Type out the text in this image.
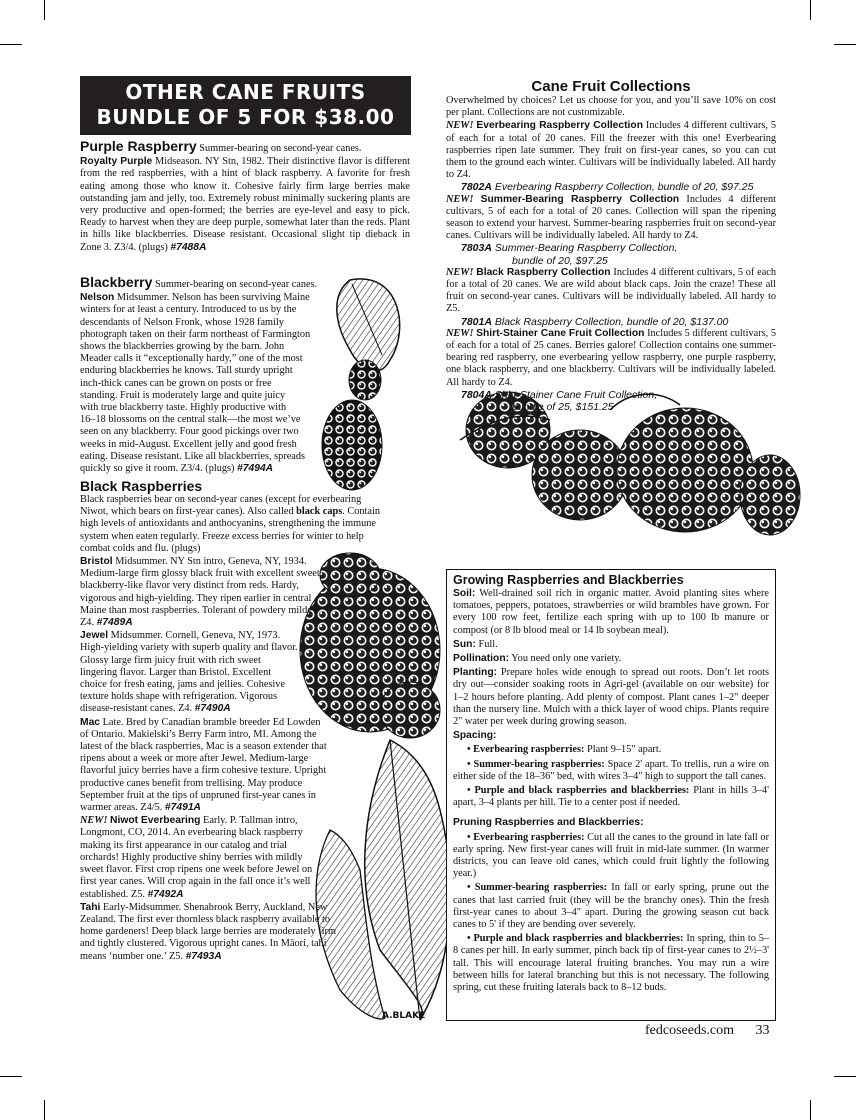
A.BLAKE
OTHER CANE FRUITS
BUNDLE OF 5 FOR $38.00
Purple Raspberry Summer-bearing on second-year canes.
Royalty Purple Midseason. NY Stn, 1982. Their distinctive flavor is different from the red raspberries, with a hint of black raspberry. A favorite for fresh eating among those who know it. Cohesive fairly firm large berries make outstanding jam and jelly, too. Extremely robust minimally suckering plants are very productive and open-formed; the berries are eye-level and easy to pick. Ready to harvest when they are deep purple, somewhat later than the reds. Plant in hills like blackberries. Disease resistant. Occasional slight tip dieback in Zone 3. Z3/4. (plugs) #7488A
Blackberry Summer-bearing on second-year canes.
Nelson Midsummer. Nelson has been surviving Maine
winters for at least a century. Introduced to us by the
descendants of Nelson Fronk, whose 1928 family
photograph taken on their farm northeast of Farmington
shows the blackberries growing by the barn. John
Meader calls it “exceptionally hardy,” one of the most
enduring blackberries he knows. Tall sturdy upright
inch-thick canes can be grown on posts or free
standing. Fruit is moderately large and quite juicy
with true blackberry taste. Highly productive with
16–18 blossoms on the central stalk—the most we’ve
seen on any blackberry. Four good pickings over two
weeks in mid-August. Excellent jelly and good fresh
eating. Disease resistant. Like all blackberries, spreads
quickly so give it room. Z3/4. (plugs) #7494A
Black Raspberries
Black raspberries bear on second-year canes (except for everbearing Niwot, which bears on first-year canes). Also called black caps. Contain high levels of antioxidants and anthocyanins, strengthening the immune system when eaten regularly. Freeze excess berries for winter to help combat colds and flu. (plugs)
Bristol Midsummer. NY Stn intro, Geneva, NY, 1934. Medium-large firm glossy black fruit with excellent sweet blackberry-like flavor very distinct from reds. Hardy, vigorous and high-yielding. They ripen earlier in central Maine than most raspberries. Tolerant of powdery mildew. Z4. #7489A
Jewel Midsummer. Cornell, Geneva, NY, 1973. High-yielding variety with superb quality and flavor. Glossy large firm juicy fruit with rich sweet lingering flavor. Larger than Bristol. Excellent choice for fresh eating, jams and jellies. Cohesive texture holds shape with refrigeration. Vigorous disease-resistant canes. Z4. #7490A
Mac Late. Bred by Canadian bramble breeder Ed Lowden of Ontario. Makielski’s Berry Farm intro, MI. Among the latest of the black raspberries, Mac is a season extender that ripens about a week or more after Jewel. Medium-large flavorful juicy berries have a firm cohesive texture. Upright productive canes benefit from trellising. May produce September fruit at the tips of unpruned first-year canes in warmer areas. Z4/5. #7491A
NEW! Niwot Everbearing Early. P. Tallman intro, Longmont, CO, 2014. An everbearing black raspberry making its first appearance in our catalog and trial orchards! Highly productive shiny berries with mildly sweet flavor. First crop ripens one week before Jewel on first year canes. Will crop again in the fall once it’s well established. Z5. #7492A
Tahi Early-Midsummer. Shenabrook Berry, Auckland, New Zealand. The first ever thornless black raspberry available to home gardeners! Deep black large berries are moderately firm and tightly clustered. Vigorous upright canes. In Māori, tahi means ‘number one.’ Z5. #7493A
Cane Fruit Collections
Overwhelmed by choices? Let us choose for you, and you’ll save 10% on cost per plant. Collections are not customizable.
NEW! Everbearing Raspberry Collection Includes 4 different cultivars, 5 of each for a total of 20 canes. Fill the freezer with this one! Everbearing raspberries ripen late summer. They fruit on first-year canes, so you can cut them to the ground each winter. Cultivars will be individually labeled. All hardy to Z4.
7802A Everbearing Raspberry Collection, bundle of 20, $97.25
NEW! Summer-Bearing Raspberry Collection Includes 4 different cultivars, 5 of each for a total of 20 canes. Collection will span the ripening season to extend your harvest. Summer-bearing raspberries fruit on second-year canes. Cultivars will be individually labeled. All hardy to Z4.
7803A Summer-Bearing Raspberry Collection,
bundle of 20, $97.25
NEW! Black Raspberry Collection Includes 4 different cultivars, 5 of each for a total of 20 canes. We are wild about black caps. Join the craze! These all fruit on second-year canes. Cultivars will be individually labeled. All hardy to Z5.
7801A Black Raspberry Collection, bundle of 20, $137.00
NEW! Shirt-Stainer Cane Fruit Collection Includes 5 different cultivars, 5 of each for a total of 25 canes. Berries galore! Collection contains one summer-bearing red raspberry, one everbearing yellow raspberry, one purple raspberry, one black raspberry, and one blackberry. Cultivars will be individually labeled. All hardy to Z4.
7804A Shirt-Stainer Cane Fruit Collection,
bundle of 25, $151.25
Growing Raspberries and Blackberries

Soil: Well-drained soil rich in organic matter. Avoid planting sites where tomatoes, peppers, potatoes, strawberries or wild brambles have grown. For every 100 row feet, fertilize each spring with up to 100 lb manure or compost (or 8 lb blood meal or 14 lb soybean meal).

Sun: Full.

Pollination: You need only one variety.

Planting: Prepare holes wide enough to spread out roots. Don’t let roots dry out—consider soaking roots in Agri-gel (available on our website) for 1–2 hours before planting. Add plenty of compost. Plant canes 1–2" deeper than the nursery line. Mulch with a thick layer of wood chips. Plants require 2" water per week during growing season.

Spacing:

• Everbearing raspberries: Plant 9–15" apart.

• Summer-bearing raspberries: Space 2' apart. To trellis, run a wire on either side of the 18–36" bed, with wires 3–4" high to support the tall canes.

• Purple and black raspberries and blackberries: Plant in hills 3–4' apart, 3–4 plants per hill. Tie to a center post if needed.

Pruning Raspberries and Blackberries:

• Everbearing raspberries: Cut all the canes to the ground in late fall or early spring. New first-year canes will fruit in mid-late summer. (In warmer districts, you can leave old canes, which could fruit lightly the following year.)

• Summer-bearing raspberries: In fall or early spring, prune out the canes that last carried fruit (they will be the branchy ones). Thin the fresh first-year canes to about 3–4" apart. During the growing season cut back canes to 5' if they are bending over severely.

• Purple and black raspberries and blackberries: In spring, thin to 5–8 canes per hill. In early summer, pinch back tip of first-year canes to 2½–3' tall. This will encourage lateral fruiting branches. You may run a wire between hills for lateral branching but this is not necessary. The following spring, cut these fruiting laterals back to 8–12 buds.

fedcoseeds.com 33
